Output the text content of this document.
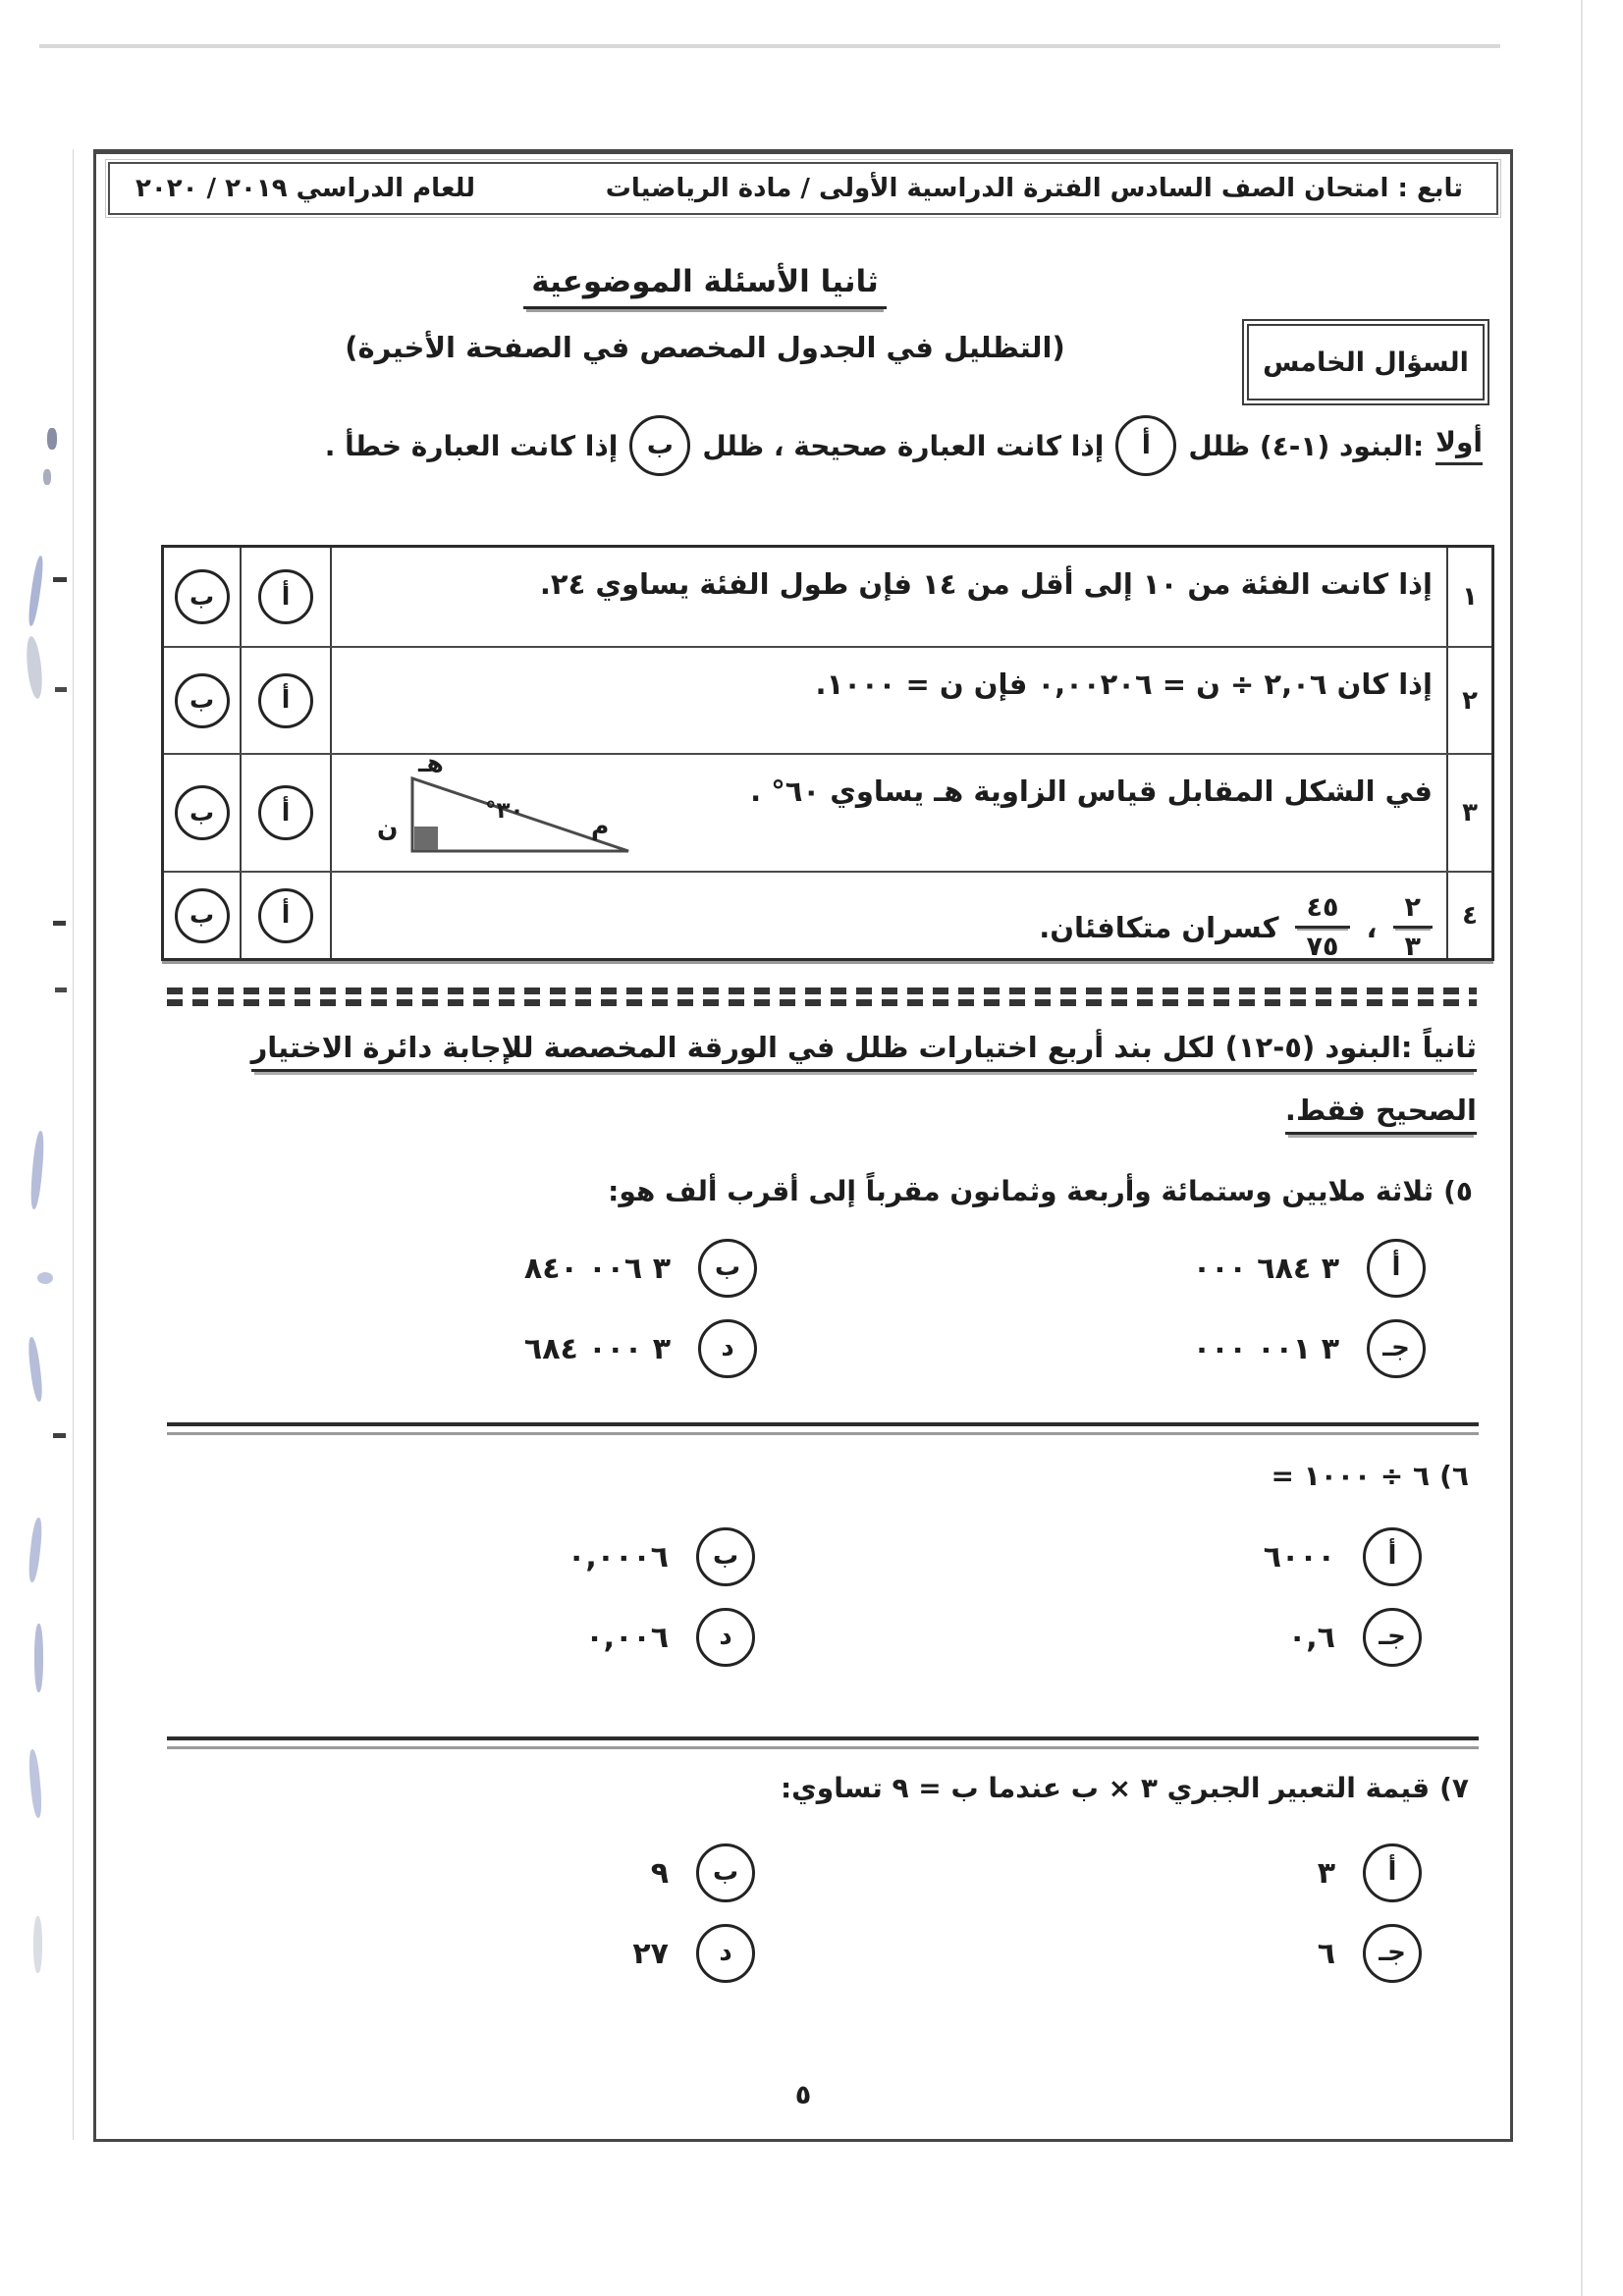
تابع : امتحان الصف السادس الفترة الدراسية الأولى / مادة الرياضيات
للعام الدراسي ٢٠١٩ / ٢٠٢٠
ثانيا الأسئلة الموضوعية
السؤال الخامس
(التظليل في الجدول المخصص في الصفحة الأخيرة)
أولا
:البنود (١-٤) ظلل
أ
إذا كانت العبارة صحيحة ، ظلل
ب
إذا كانت العبارة خطأ .
١
إذا كانت الفئة من ١٠ إلى أقل من ١٤ فإن طول الفئة يساوي ٢٤.
أ
ب
٢
إذا كان ٢,٠٦ ÷ ن = ٠,٠٠٢٠٦ فإن ن = ١٠٠٠.
أ
ب
٣
في الشكل المقابل قياس الزاوية هـ يساوي ٦٠° .
هـ
ن	م
٣٠°
أ
ب
٤
$\frac{٢}{٣}$
،
$\frac{٤٥}{٧٥}$
كسران متكافئان.
أ
ب
ثانياً :البنود (٥-١٢) لكل بند أربع اختيارات ظلل في الورقة المخصصة للإجابة دائرة الاختيار
الصحيح فقط.
٥)
ثلاثة ملايين وستمائة وأربعة وثمانون مقرباً إلى أقرب ألف هو:
أ
٣ ٦٨٤ ٠٠٠
ب
٣ ٠٠٦ ٨٤٠
جـ
٣ ٠٠١ ٠٠٠
د
٣ ٠٠٠ ٦٨٤
٦)
٦ ÷ ١٠٠٠ =
أ
٦٠٠٠
ب
٠,٠٠٠٦
جـ
٠,٦
د
٠,٠٠٦
٧)
قيمة التعبير الجبري ٣ × ب عندما ب = ٩ تساوي:
أ
٣
ب
٩
جـ
٦
د
٢٧
٥
